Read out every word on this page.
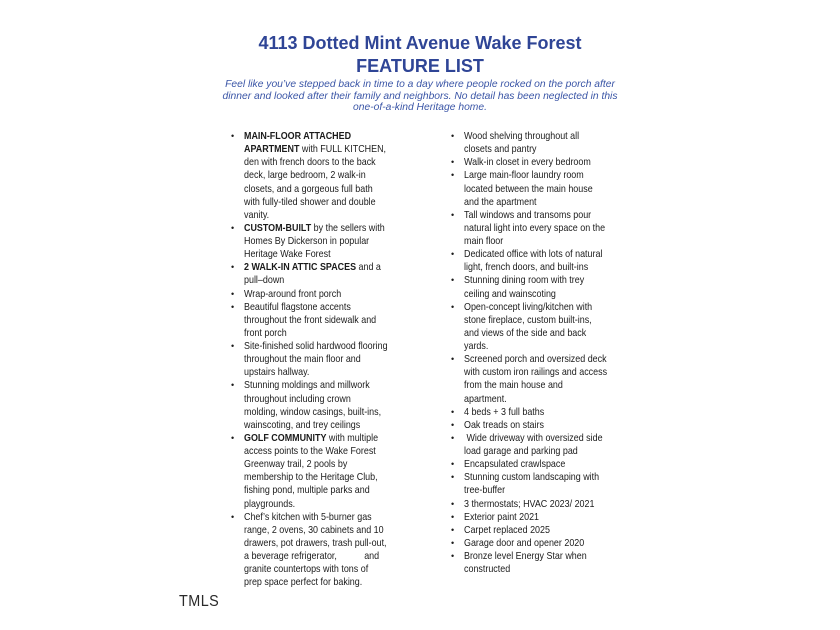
4113 Dotted Mint Avenue Wake Forest
FEATURE LIST
Feel like you’ve stepped back in time to a day where people rocked on the porch after
dinner and looked after their family and neighbors. No detail has been neglected in this
one-of-a-kind Heritage home.
• MAIN-FLOOR ATTACHED
APARTMENT with FULL KITCHEN,
den with french doors to the back
deck, large bedroom, 2 walk-in
closets, and a gorgeous full bath
with fully-tiled shower and double
vanity.
• CUSTOM-BUILT by the sellers with
Homes By Dickerson in popular
Heritage Wake Forest
• 2 WALK-IN ATTIC SPACES and a
pull–down
• Wrap-around front porch
• Beautiful flagstone accents
throughout the front sidewalk and
front porch
• Site-finished solid hardwood flooring
throughout the main floor and
upstairs hallway.
• Stunning moldings and millwork
throughout including crown
molding, window casings, built-ins,
wainscoting, and trey ceilings
• GOLF COMMUNITY with multiple
access points to the Wake Forest
Greenway trail, 2 pools by
membership to the Heritage Club,
fishing pond, multiple parks and
playgrounds.
• Chef’s kitchen with 5-burner gas
range, 2 ovens, 30 cabinets and 10
drawers, pot drawers, trash pull-out,
a beverage refrigerator,           and
granite countertops with tons of
prep space perfect for baking.
• Wood shelving throughout all
closets and pantry
• Walk-in closet in every bedroom
• Large main-floor laundry room
located between the main house
and the apartment
• Tall windows and transoms pour
natural light into every space on the
main floor
• Dedicated office with lots of natural
light, french doors, and built-ins
• Stunning dining room with trey
ceiling and wainscoting
• Open-concept living/kitchen with
stone fireplace, custom built-ins,
and views of the side and back
yards.
• Screened porch and oversized deck
with custom iron railings and access
from the main house and
apartment.
• 4 beds + 3 full baths
• Oak treads on stairs
• Wide driveway with oversized side
load garage and parking pad
• Encapsulated crawlspace
• Stunning custom landscaping with
tree-buffer
• 3 thermostats; HVAC 2023/ 2021
• Exterior paint 2021
• Carpet replaced 2025
• Garage door and opener 2020
• Bronze level Energy Star when
constructed
TMLS
